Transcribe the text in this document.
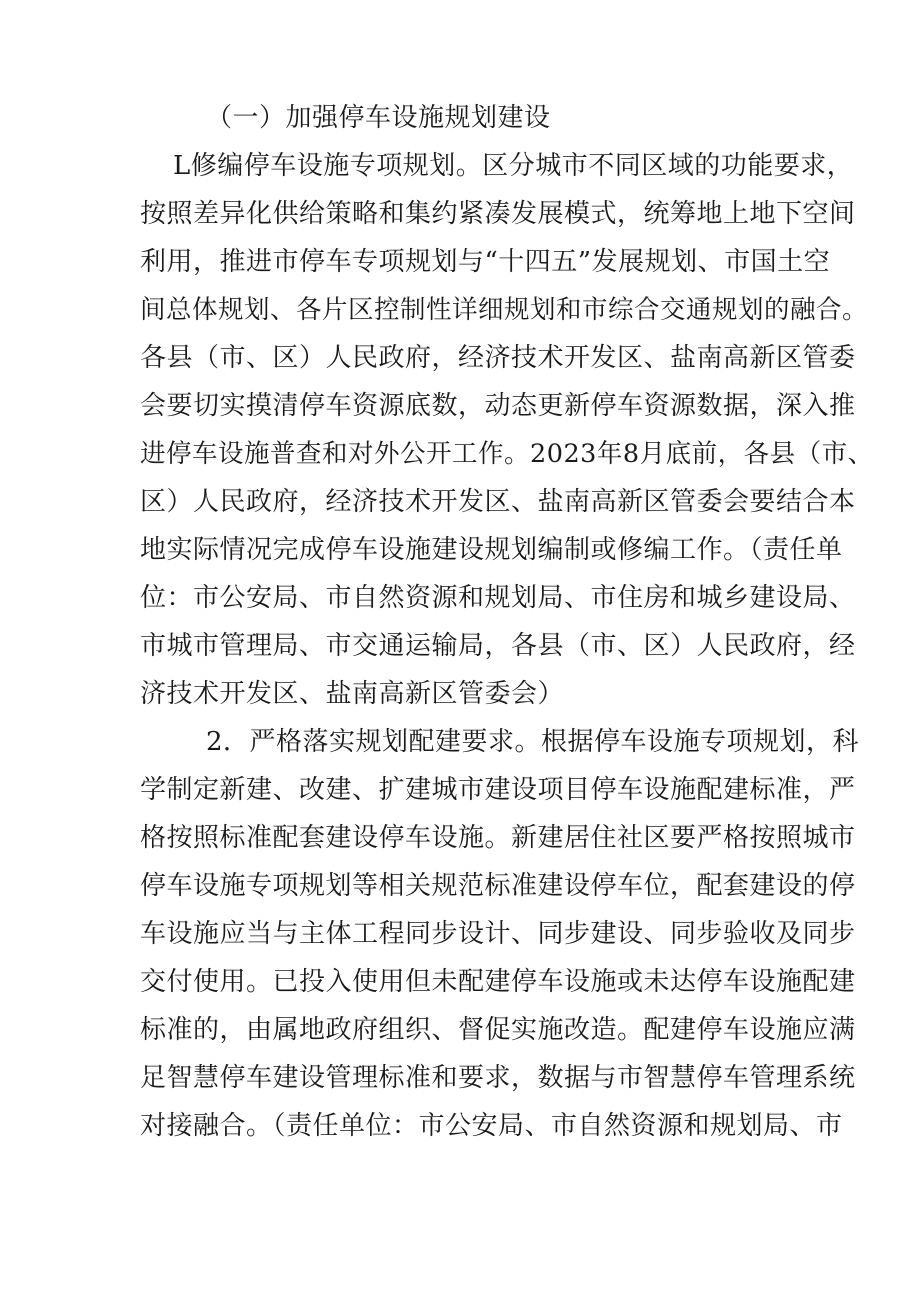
（一）加强停车设施规划建设

L修编停车设施专项规划。区分城市不同区域的功能要求，

按照差异化供给策略和集约紧凑发展模式，统筹地上地下空间

利用，推进市停车专项规划与“十四五”发展规划、市国土空

间总体规划、各片区控制性详细规划和市综合交通规划的融合。

各县（市、区）人民政府，经济技术开发区、盐南高新区管委

会要切实摸清停车资源底数，动态更新停车资源数据，深入推

进停车设施普查和对外公开工作。2023年8月底前，各县（市、

区）人民政府，经济技术开发区、盐南高新区管委会要结合本

地实际情况完成停车设施建设规划编制或修编工作。（责任单

位：市公安局、市自然资源和规划局、市住房和城乡建设局、

市城市管理局、市交通运输局，各县（市、区）人民政府，经

济技术开发区、盐南高新区管委会）

2．严格落实规划配建要求。根据停车设施专项规划，科

学制定新建、改建、扩建城市建设项目停车设施配建标准，严

格按照标准配套建设停车设施。新建居住社区要严格按照城市

停车设施专项规划等相关规范标准建设停车位，配套建设的停

车设施应当与主体工程同步设计、同步建设、同步验收及同步

交付使用。已投入使用但未配建停车设施或未达停车设施配建

标准的，由属地政府组织、督促实施改造。配建停车设施应满

足智慧停车建设管理标准和要求，数据与市智慧停车管理系统

对接融合。（责任单位：市公安局、市自然资源和规划局、市
